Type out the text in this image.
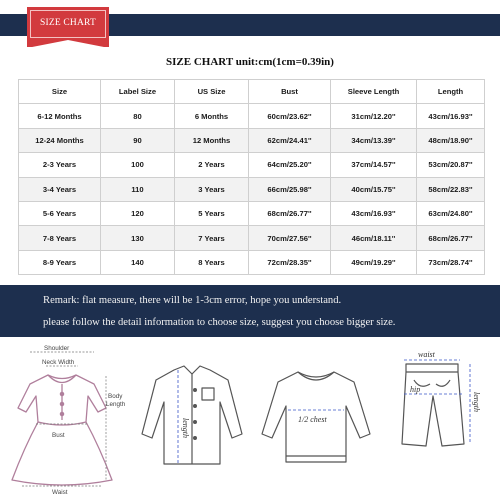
SIZE CHART
SIZE CHART unit:cm(1cm=0.39in)
Size	Label Size	US Size	Bust	Sleeve Length	Length
6-12 Months	80	6 Months	60cm/23.62''	31cm/12.20''	43cm/16.93''
12-24 Months	90	12 Months	62cm/24.41''	34cm/13.39''	48cm/18.90''
2-3 Years	100	2 Years	64cm/25.20''	37cm/14.57''	53cm/20.87''
3-4 Years	110	3 Years	66cm/25.98''	40cm/15.75''	58cm/22.83''
5-6 Years	120	5 Years	68cm/26.77''	43cm/16.93''	63cm/24.80''
7-8 Years	130	7 Years	70cm/27.56''	46cm/18.11''	68cm/26.77''
8-9 Years	140	8 Years	72cm/28.35''	49cm/19.29''	73cm/28.74''

Remark: flat measure, there will be 1-3cm error, hope you understand.

please follow the detail information to choose size, suggest you choose bigger size.

Shoulder
Neck Width
Bust
Body
Length
Waist
length	1/2 chest
waist
hip
length
